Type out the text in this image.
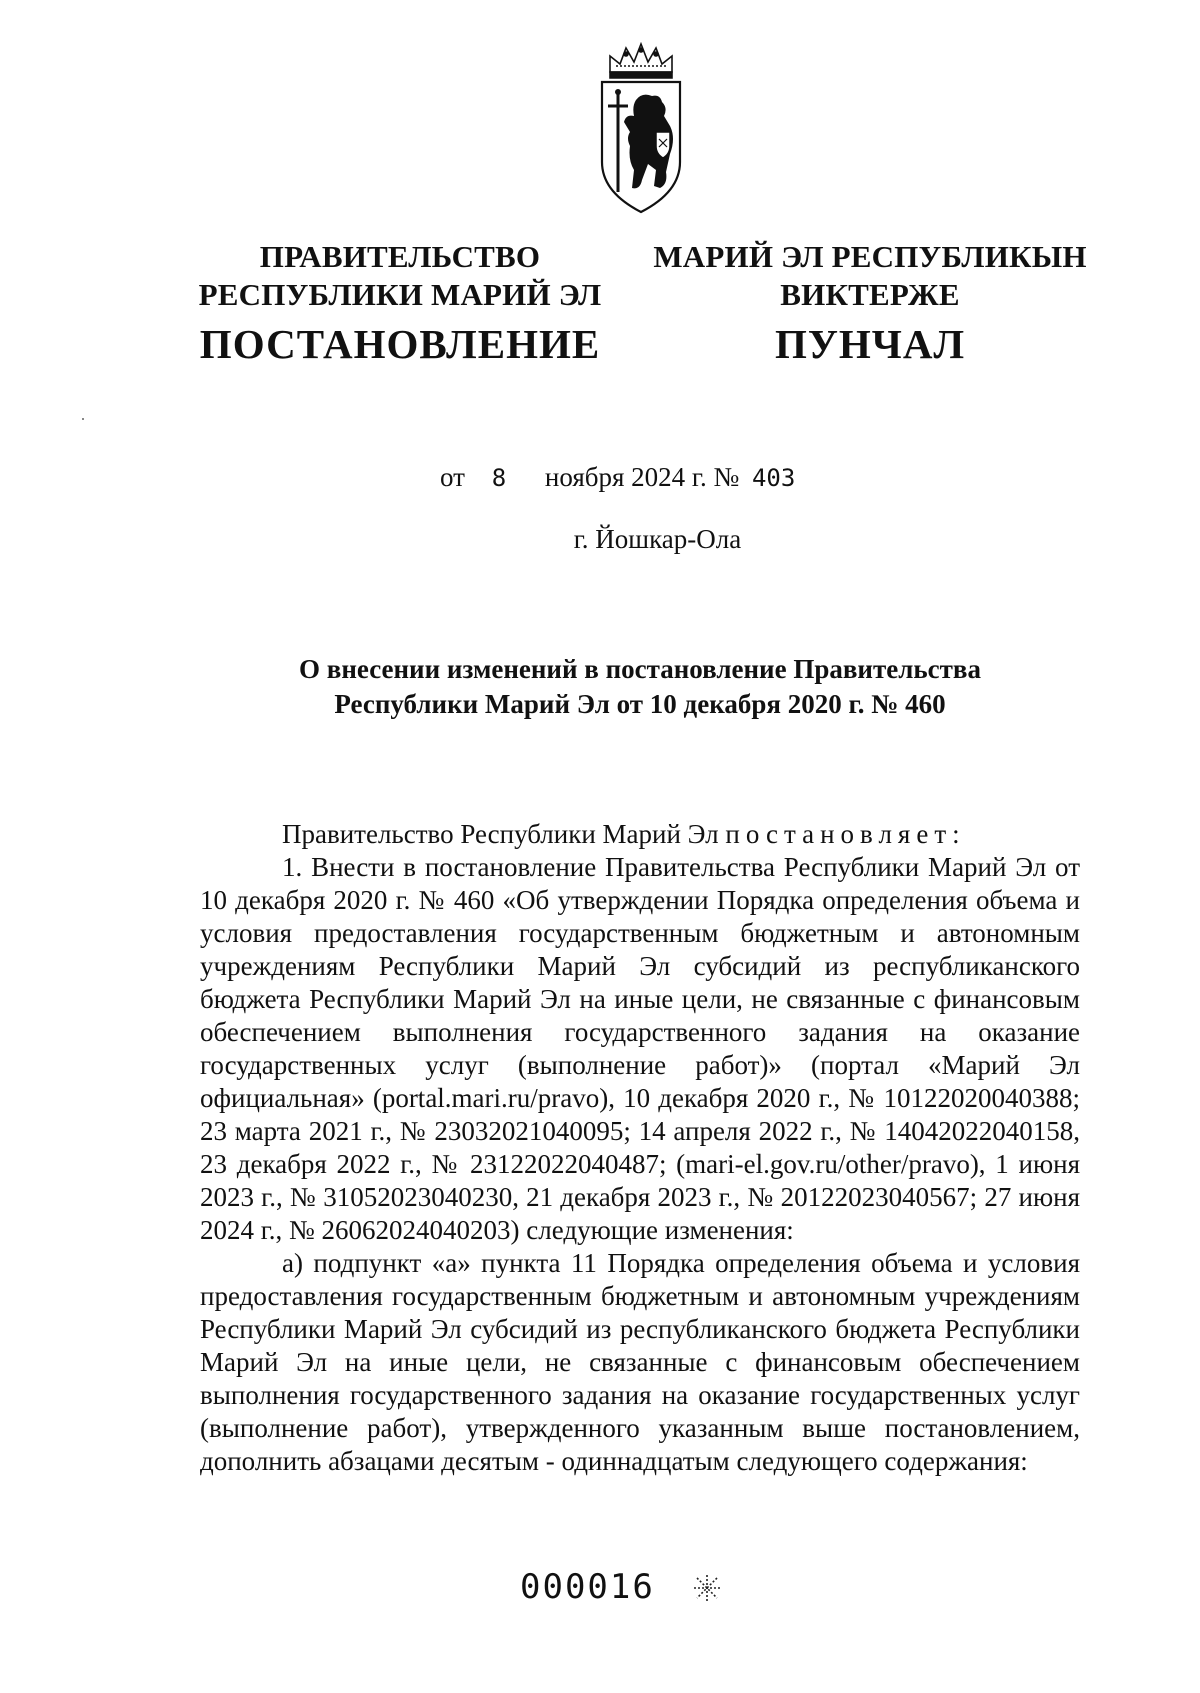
ПРАВИТЕЛЬСТВО
РЕСПУБЛИКИ МАРИЙ ЭЛ
ПОСТАНОВЛЕНИЕ
МАРИЙ ЭЛ РЕСПУБЛИКЫН
ВИКТЕРЖЕ
ПУНЧАЛ
от 8 ноября 2024 г. № 403
г. Йошкар-Ола
О внесении изменений в постановление Правительства
Республики Марий Эл от 10 декабря 2020 г. № 460

Правительство Республики Марий Эл постановляет:

1. Внести в постановление Правительства Республики Марий Эл от 10 декабря 2020 г. № 460 «Об утверждении Порядка определения объема и условия предоставления государственным бюджетным и автономным учреждениям Республики Марий Эл субсидий из республиканского бюджета Республики Марий Эл на иные цели, не связанные с финансовым обеспечением выполнения государственного задания на оказание государственных услуг (выполнение работ)» (портал «Марий Эл официальная» (portal.mari.ru/pravo), 10 декабря 2020 г., № 10122020040388; 23 марта 2021 г., № 23032021040095; 14 апреля 2022 г., № 14042022040158, 23 декабря 2022 г., № 23122022040487; (mari-el.gov.ru/other/pravo), 1 июня 2023 г., № 31052023040230, 21 декабря 2023 г., № 20122023040567; 27 июня 2024 г., № 26062024040203) следующие изменения:

а) подпункт «а» пункта 11 Порядка определения объема и условия предоставления государственным бюджетным и автономным учреждениям Республики Марий Эл субсидий из республиканского бюджета Республики Марий Эл на иные цели, не связанные с финансовым обеспечением выполнения государственного задания на оказание государственных услуг (выполнение работ), утвержденного указанным выше постановлением, дополнить абзацами десятым - одиннадцатым следующего содержания:

000016
